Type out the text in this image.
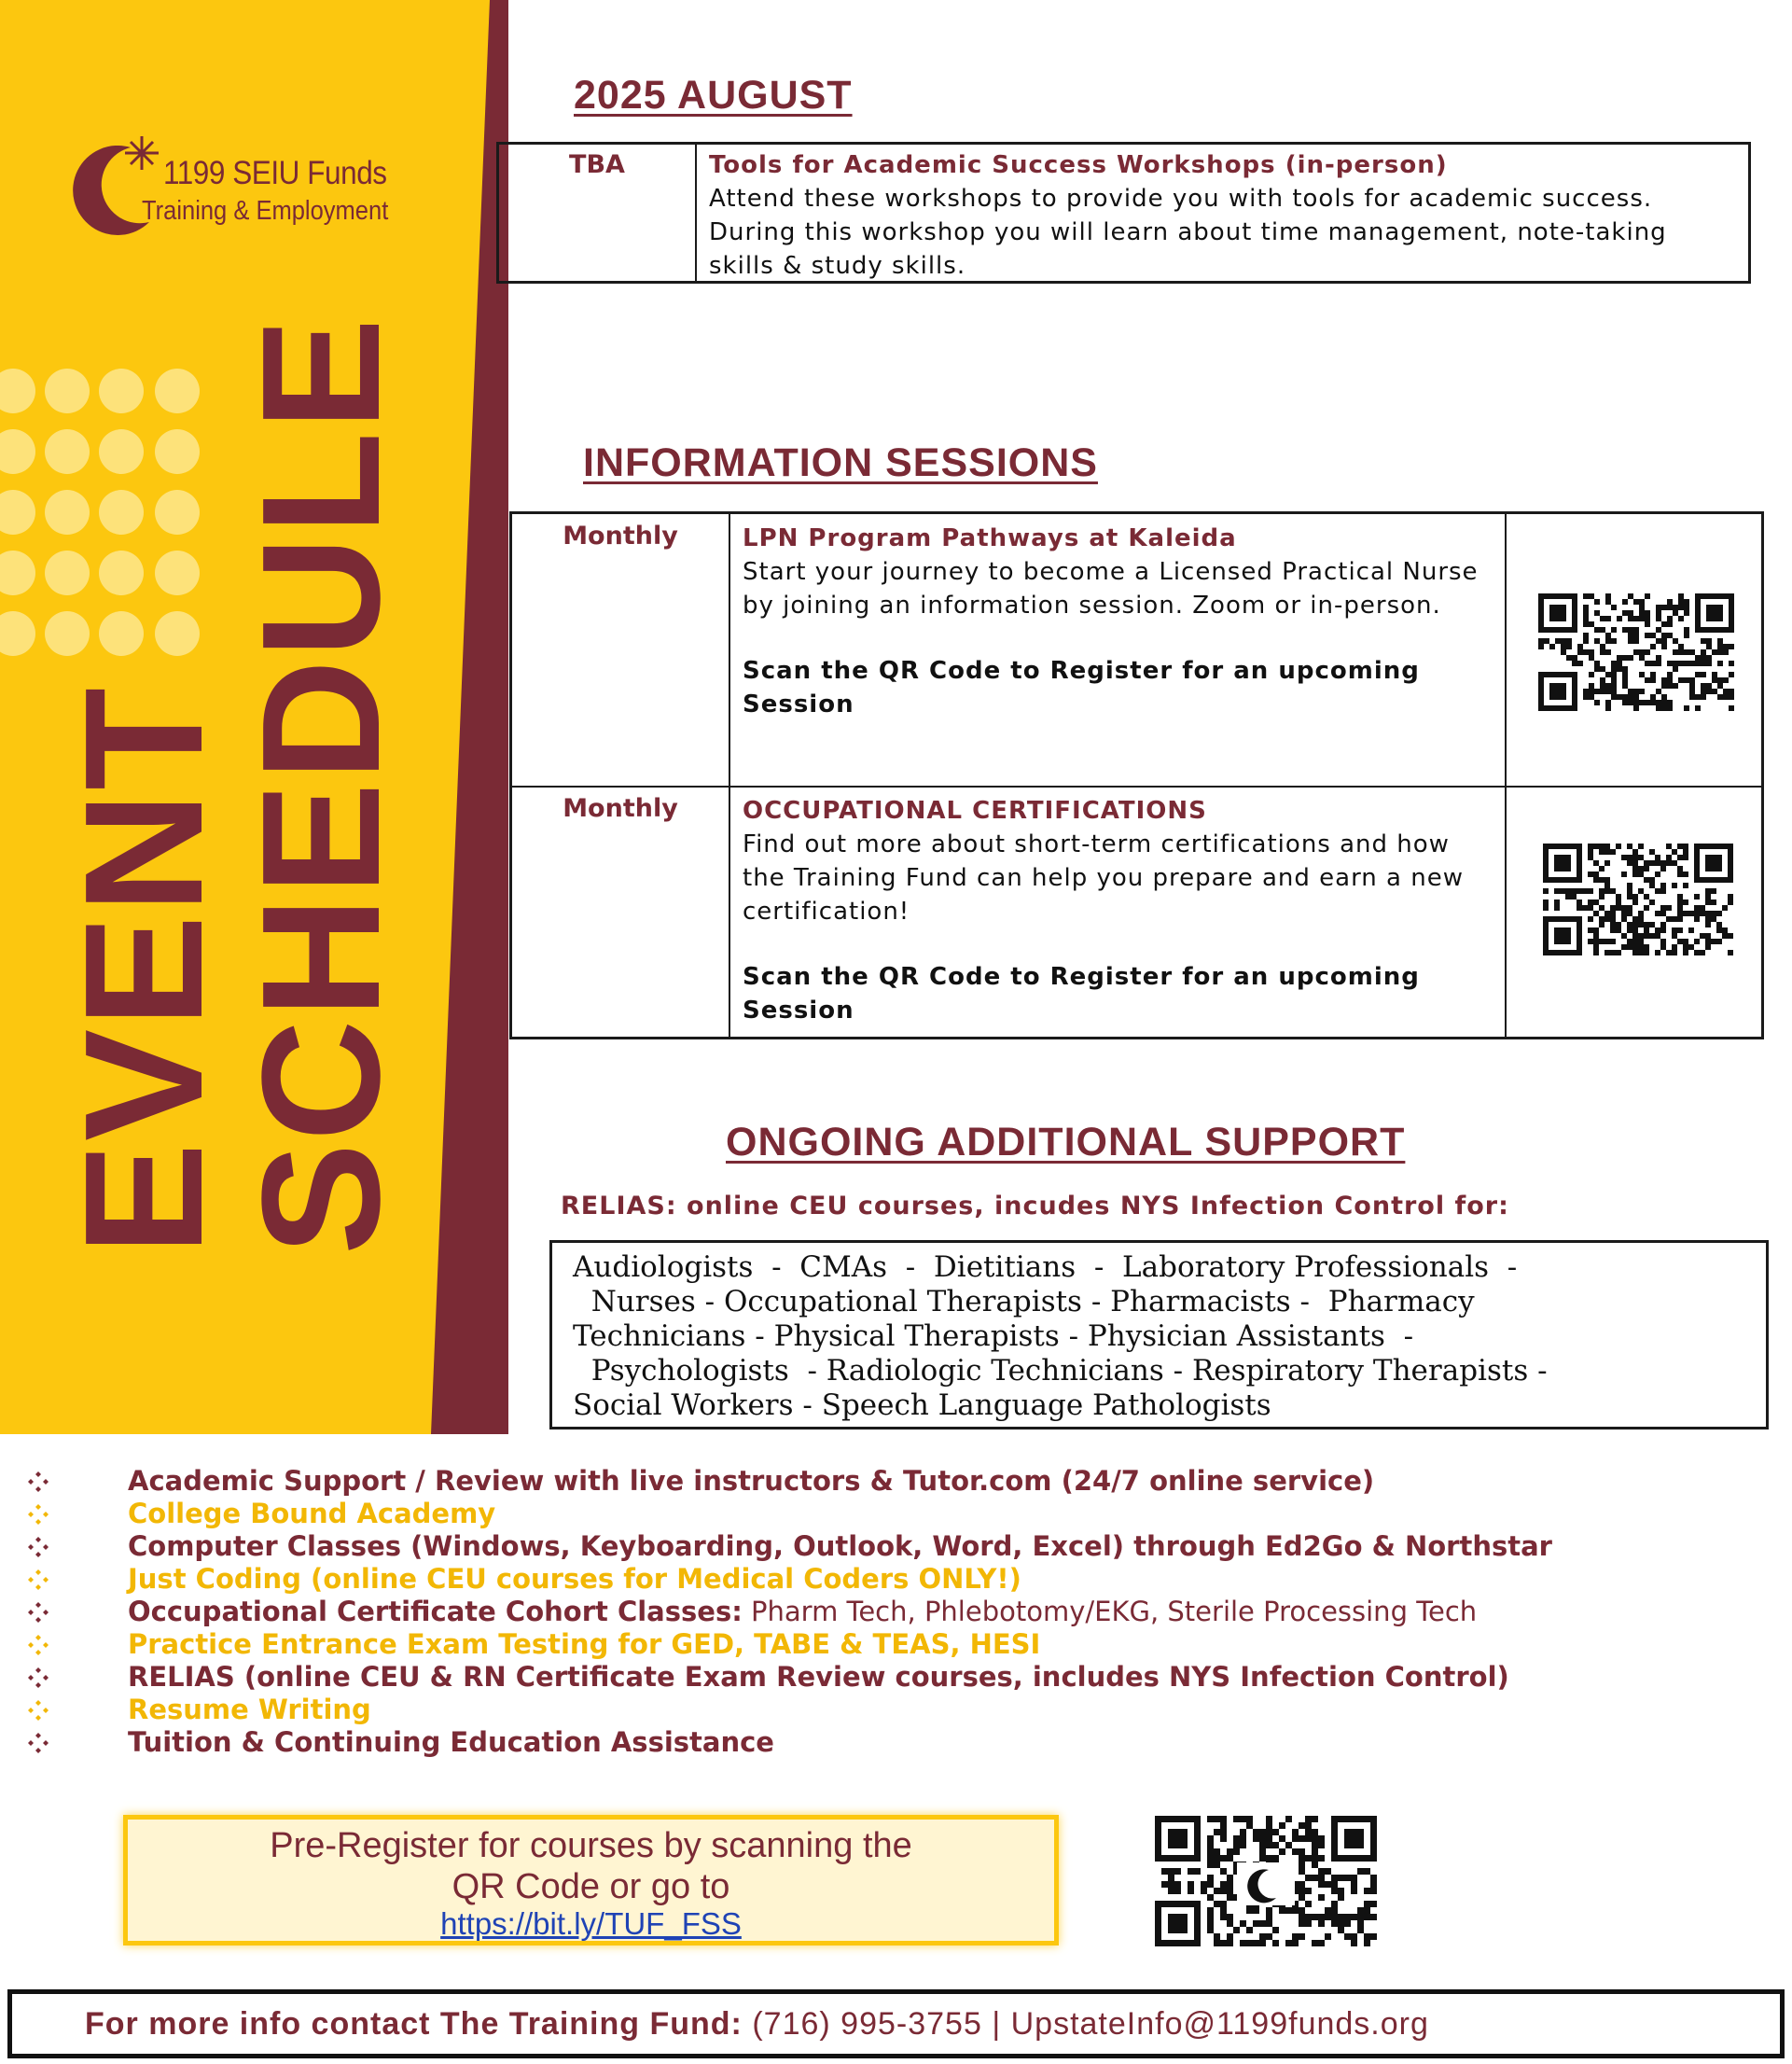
1199 SEIU Funds
Training & Employment
EVENT
SCHEDULE
2025 AUGUST
TBA	Tools for Academic Success Workshops (in-person)
Attend these workshops to provide you with tools for academic success. During this workshop you will learn about time management, note-taking skills & study skills.
INFORMATION SESSIONS
Monthly	LPN Program Pathways at Kaleida
Start your journey to become a Licensed Practical Nurse by joining an information session. Zoom or in-person.
Scan the QR Code to Register for an upcoming Session
Monthly	OCCUPATIONAL CERTIFICATIONS
Find out more about short-term certifications and how the Training Fund can help you prepare and earn a new certification!
Scan the QR Code to Register for an upcoming Session
ONGOING ADDITIONAL SUPPORT
RELIAS: online CEU courses, incudes NYS Infection Control for:
Audiologists  -  CMAs  -  Dietitians  -  Laboratory Professionals  -
Nurses - Occupational Therapists - Pharmacists -  Pharmacy
Technicians - Physical Therapists - Physician Assistants  -
Psychologists  - Radiologic Technicians - Respiratory Therapists -
Social Workers - Speech Language Pathologists
Academic Support / Review with live instructors & Tutor.com (24/7 online service)
College Bound Academy
Computer Classes (Windows, Keyboarding, Outlook, Word, Excel) through Ed2Go & Northstar
Just Coding (online CEU courses for Medical Coders ONLY!)
Occupational Certificate Cohort Classes: Pharm Tech, Phlebotomy/EKG, Sterile Processing Tech
Practice Entrance Exam Testing for GED, TABE & TEAS, HESI
RELIAS (online CEU & RN Certificate Exam Review courses, includes NYS Infection Control)
Resume Writing
Tuition & Continuing Education Assistance
Pre-Register for courses by scanning the
QR Code or go to
https://bit.ly/TUF_FSS
For more info contact The Training Fund: (716) 995-3755 | UpstateInfo@1199funds.org
